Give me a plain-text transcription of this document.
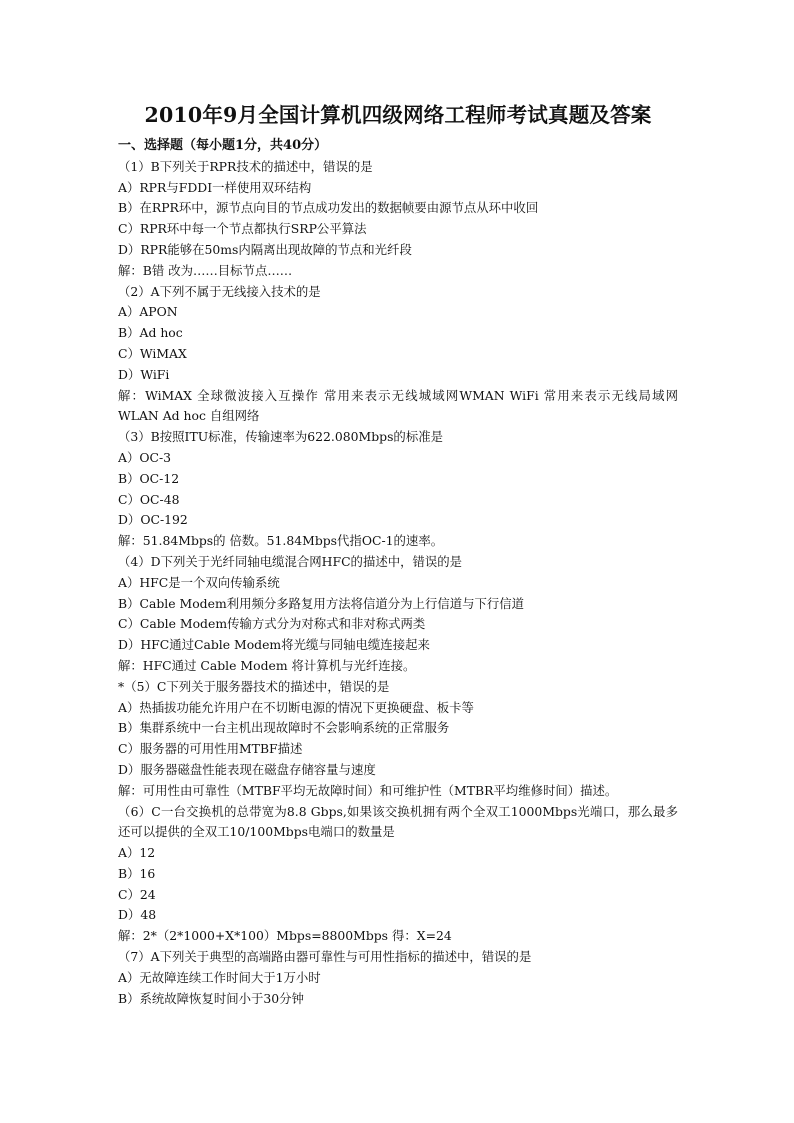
2010年9月全国计算机四级网络工程师考试真题及答案
一、选择题（每小题1分，共40分）
（1）B下列关于RPR技术的描述中，错误的是
A）RPR与FDDI一样使用双环结构
B）在RPR环中，源节点向目的节点成功发出的数据帧要由源节点从环中收回
C）RPR环中每一个节点都执行SRP公平算法
D）RPR能够在50ms内隔离出现故障的节点和光纤段
解：B错 改为……目标节点……
（2）A下列不属于无线接入技术的是
A）APON
B）Ad hoc
C）WiMAX
D）WiFi
解：WiMAX 全球微波接入互操作 常用来表示无线城域网WMAN WiFi 常用来表示无线局域网WLAN Ad hoc 自组网络
（3）B按照ITU标准，传输速率为622.080Mbps的标准是
A）OC-3
B）OC-12
C）OC-48
D）OC-192
解：51.84Mbps的 倍数。51.84Mbps代指OC-1的速率。
（4）D下列关于光纤同轴电缆混合网HFC的描述中，错误的是
A）HFC是一个双向传输系统
B）Cable Modem利用频分多路复用方法将信道分为上行信道与下行信道
C）Cable Modem传输方式分为对称式和非对称式两类
D）HFC通过Cable Modem将光缆与同轴电缆连接起来
解：HFC通过 Cable Modem 将计算机与光纤连接。
*（5）C下列关于服务器技术的描述中，错误的是
A）热插拔功能允许用户在不切断电源的情况下更换硬盘、板卡等
B）集群系统中一台主机出现故障时不会影响系统的正常服务
C）服务器的可用性用MTBF描述
D）服务器磁盘性能表现在磁盘存储容量与速度
解：可用性由可靠性（MTBF平均无故障时间）和可维护性（MTBR平均维修时间）描述。
（6）C一台交换机的总带宽为8.8 Gbps,如果该交换机拥有两个全双工1000Mbps光端口，那么最多还可以提供的全双工10/100Mbps电端口的数量是
A）12
B）16
C）24
D）48
解：2*（2*1000+X*100）Mbps=8800Mbps 得：X=24
（7）A下列关于典型的高端路由器可靠性与可用性指标的描述中，错误的是
A）无故障连续工作时间大于1万小时
B）系统故障恢复时间小于30分钟
